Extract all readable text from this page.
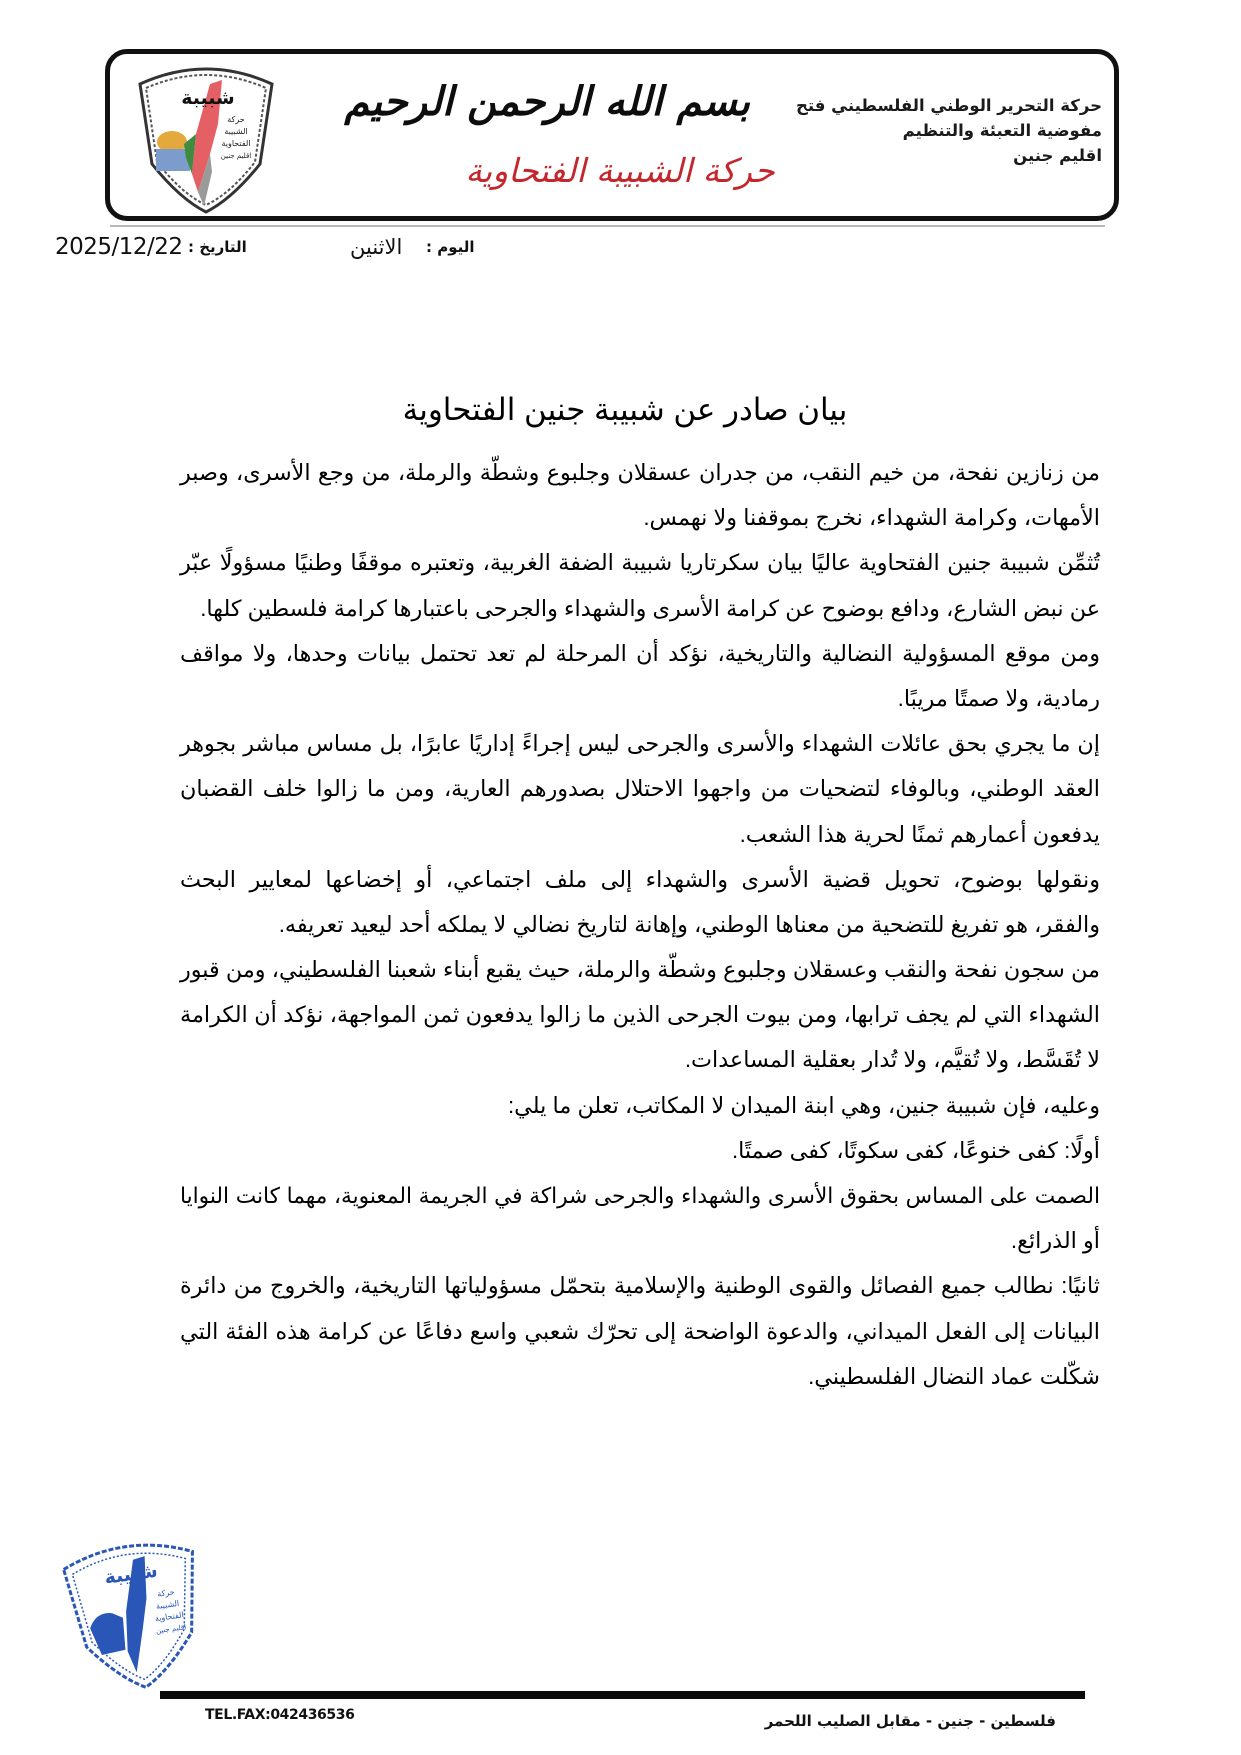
شبيبة
حركة
الشبيبة
الفتحاوية
اقليم جنين
بسم الله الرحمن الرحيم
حركة الشبيبة الفتحاوية
حركة التحرير الوطني الفلسطيني فتح
مفوضية التعبئة والتنظيم
اقليم جنين
2025/12/22 التاريخ :	الاثنين اليوم :
بيان صادر عن شبيبة جنين الفتحاوية
من زنازين نفحة، من خيم النقب، من جدران عسقلان وجلبوع وشطّة والرملة، من وجع الأسرى، وصبر
الأمهات، وكرامة الشهداء، نخرج بموقفنا ولا نهمس.
تُثمِّن شبيبة جنين الفتحاوية عاليًا بيان سكرتاريا شبيبة الضفة الغربية، وتعتبره موقفًا وطنيًا مسؤولًا عبّر
عن نبض الشارع، ودافع بوضوح عن كرامة الأسرى والشهداء والجرحى باعتبارها كرامة فلسطين كلها.
ومن موقع المسؤولية النضالية والتاريخية، نؤكد أن المرحلة لم تعد تحتمل بيانات وحدها، ولا مواقف
رمادية، ولا صمتًا مريبًا.
إن ما يجري بحق عائلات الشهداء والأسرى والجرحى ليس إجراءً إداريًا عابرًا، بل مساس مباشر بجوهر
العقد الوطني، وبالوفاء لتضحيات من واجهوا الاحتلال بصدورهم العارية، ومن ما زالوا خلف القضبان
يدفعون أعمارهم ثمنًا لحرية هذا الشعب.
ونقولها بوضوح، تحويل قضية الأسرى والشهداء إلى ملف اجتماعي، أو إخضاعها لمعايير البحث
والفقر، هو تفريغ للتضحية من معناها الوطني، وإهانة لتاريخ نضالي لا يملكه أحد ليعيد تعريفه.
من سجون نفحة والنقب وعسقلان وجلبوع وشطّة والرملة، حيث يقبع أبناء شعبنا الفلسطيني، ومن قبور
الشهداء التي لم يجف ترابها، ومن بيوت الجرحى الذين ما زالوا يدفعون ثمن المواجهة، نؤكد أن الكرامة
لا تُقَسَّط، ولا تُقيَّم، ولا تُدار بعقلية المساعدات.
وعليه، فإن شبيبة جنين، وهي ابنة الميدان لا المكاتب، تعلن ما يلي:
أولًا: كفى خنوعًا، كفى سكوتًا، كفى صمتًا.
الصمت على المساس بحقوق الأسرى والشهداء والجرحى شراكة في الجريمة المعنوية، مهما كانت النوايا
أو الذرائع.
ثانيًا: نطالب جميع الفصائل والقوى الوطنية والإسلامية بتحمّل مسؤولياتها التاريخية، والخروج من دائرة
البيانات إلى الفعل الميداني، والدعوة الواضحة إلى تحرّك شعبي واسع دفاعًا عن كرامة هذه الفئة التي
شكّلت عماد النضال الفلسطيني.
شبيبة
حركة
الشبيبة
الفتحاوية
اقليم جنين
TEL.FAX:042436536	فلسطين - جنين - مقابل الصليب اللحمر
